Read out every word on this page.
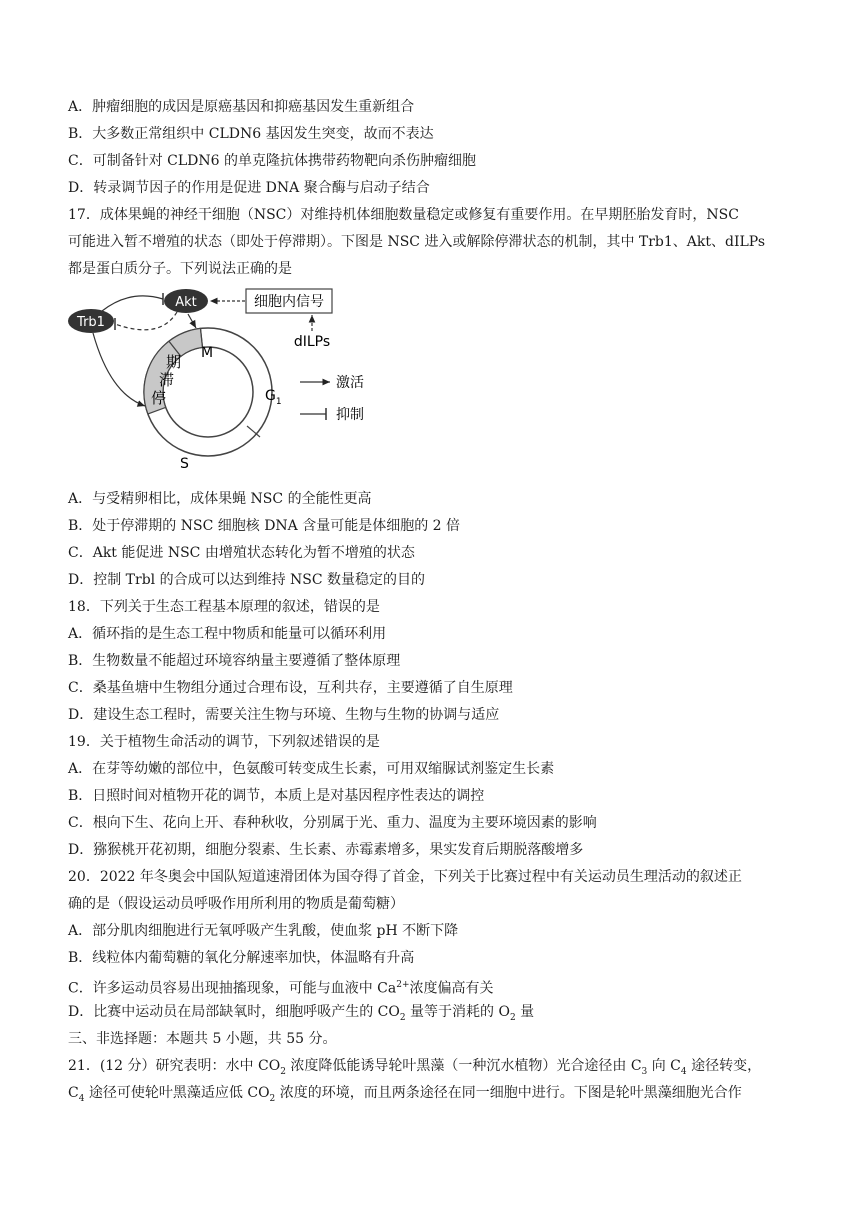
A．肿瘤细胞的成因是原癌基因和抑癌基因发生重新组合
B．大多数正常组织中 CLDN6 基因发生突变，故而不表达
C．可制备针对 CLDN6 的单克隆抗体携带药物靶向杀伤肿瘤细胞
D．转录调节因子的作用是促进 DNA 聚合酶与启动子结合
17．成体果蝇的神经干细胞（NSC）对维持机体细胞数量稳定或修复有重要作用。在早期胚胎发育时，NSC
可能进入暂不增殖的状态（即处于停滞期）。下图是 NSC 进入或解除停滞状态的机制，其中 Trb1、Akt、dILPs
都是蛋白质分子。下列说法正确的是
期
滞
停
M
$G_1$
S
Akt
Trb1
细胞内信号
dILPs
激活
抑制
A．与受精卵相比，成体果蝇 NSC 的全能性更高
B．处于停滞期的 NSC 细胞核 DNA 含量可能是体细胞的 2 倍
C．Akt 能促进 NSC 由增殖状态转化为暂不增殖的状态
D．控制 Trbl 的合成可以达到维持 NSC 数量稳定的目的
18．下列关于生态工程基本原理的叙述，错误的是
A．循环指的是生态工程中物质和能量可以循环利用
B．生物数量不能超过环境容纳量主要遵循了整体原理
C．桑基鱼塘中生物组分通过合理布设，互利共存，主要遵循了自生原理
D．建设生态工程时，需要关注生物与环境、生物与生物的协调与适应
19．关于植物生命活动的调节，下列叙述错误的是
A．在芽等幼嫩的部位中，色氨酸可转变成生长素，可用双缩脲试剂鉴定生长素
B．日照时间对植物开花的调节，本质上是对基因程序性表达的调控
C．根向下生、花向上开、春种秋收，分别属于光、重力、温度为主要环境因素的影响
D．猕猴桃开花初期，细胞分裂素、生长素、赤霉素增多，果实发育后期脱落酸增多
20．2022 年冬奥会中国队短道速滑团体为国夺得了首金，下列关于比赛过程中有关运动员生理活动的叙述正
确的是（假设运动员呼吸作用所利用的物质是葡萄糖）
A．部分肌肉细胞进行无氧呼吸产生乳酸，使血浆 pH 不断下降
B．线粒体内葡萄糖的氧化分解速率加快，体温略有升高
C．许多运动员容易出现抽搐现象，可能与血液中 $Ca^{2+}$浓度偏高有关
D．比赛中运动员在局部缺氧时，细胞呼吸产生的 $CO_2$ 量等于消耗的 $O_2$ 量
三、非选择题：本题共 5 小题，共 55 分。
21．(12 分）研究表明：水中 $CO_2$ 浓度降低能诱导轮叶黑藻（一种沉水植物）光合途径由 $C_3$ 向 $C_4$ 途径转变，
$C_4$ 途径可使轮叶黑藻适应低 $CO_2$ 浓度的环境，而且两条途径在同一细胞中进行。下图是轮叶黑藻细胞光合作
